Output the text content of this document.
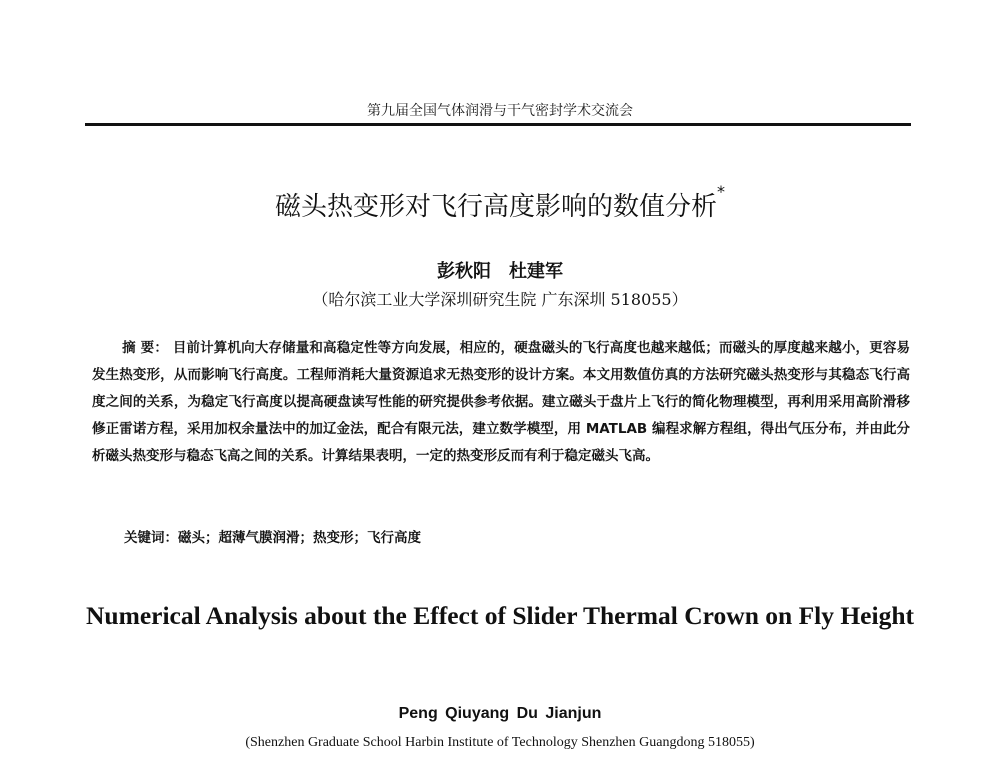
第九届全国气体润滑与干气密封学术交流会
磁头热变形对飞行高度影响的数值分析*
彭秋阳　杜建军
（哈尔滨工业大学深圳研究生院 广东深圳 518055）
摘 要： 目前计算机向大存储量和高稳定性等方向发展，相应的，硬盘磁头的飞行高度也越来越低；而磁头的厚度越来越小，更容易发生热变形，从而影响飞行高度。工程师消耗大量资源追求无热变形的设计方案。本文用数值仿真的方法研究磁头热变形与其稳态飞行高度之间的关系，为稳定飞行高度以提高硬盘读写性能的研究提供参考依据。建立磁头于盘片上飞行的简化物理模型，再利用采用高阶滑移修正雷诺方程，采用加权余量法中的加辽金法，配合有限元法，建立数学模型，用 MATLAB 编程求解方程组，得出气压分布，并由此分析磁头热变形与稳态飞高之间的关系。计算结果表明，一定的热变形反而有利于稳定磁头飞高。
关键词：磁头；超薄气膜润滑；热变形；飞行高度
Numerical Analysis about the Effect of Slider Thermal Crown on Fly Height
Peng Qiuyang Du Jianjun
(Shenzhen Graduate School Harbin Institute of Technology Shenzhen Guangdong 518055)
